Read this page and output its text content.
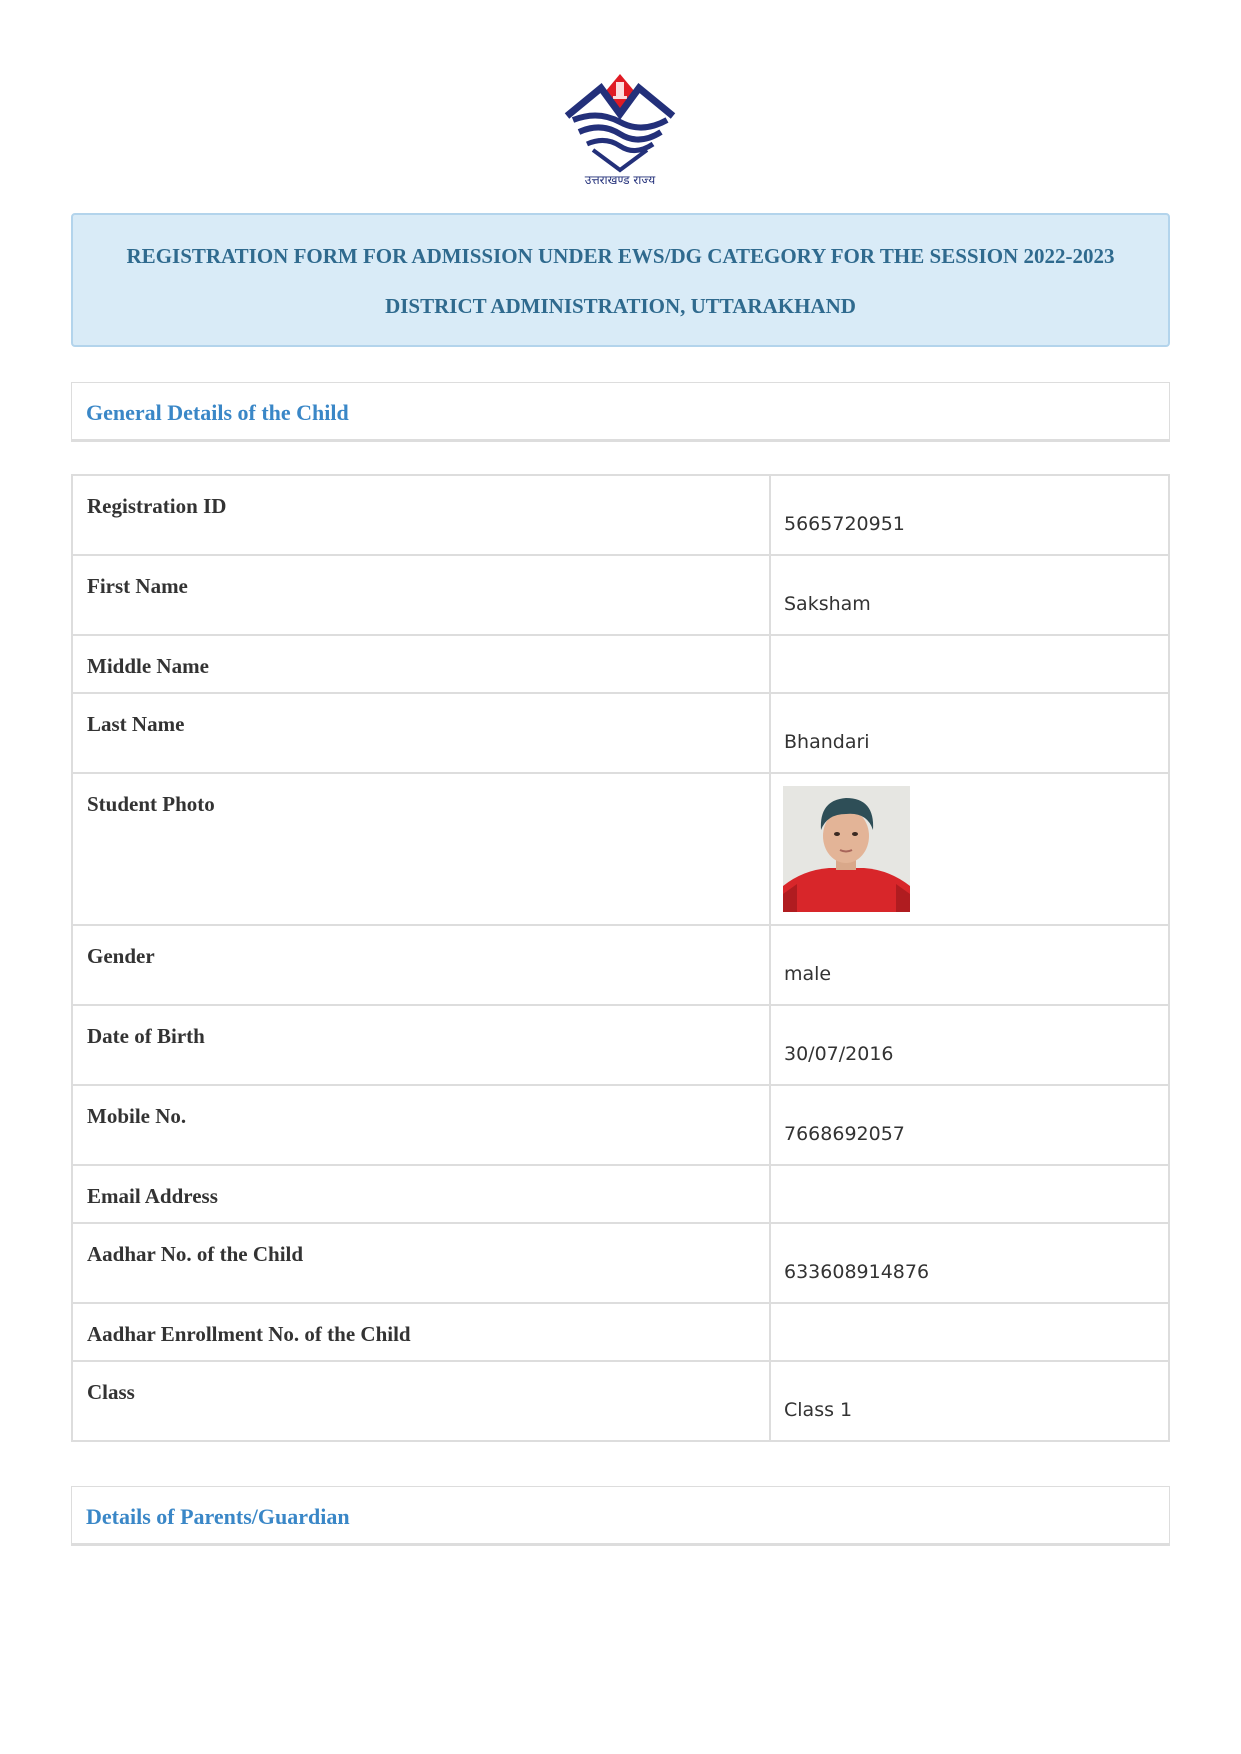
उत्तराखण्ड राज्य
REGISTRATION FORM FOR ADMISSION UNDER EWS/DG CATEGORY FOR THE SESSION 2022-2023
DISTRICT ADMINISTRATION, UTTARAKHAND
General Details of the Child
Registration ID	5665720951

First Name	Saksham

Middle Name	

Last Name	Bhandari

Student Photo

Gender	male

Date of Birth	30/07/2016

Mobile No.	7668692057

Email Address	

Aadhar No. of the Child	633608914876

Aadhar Enrollment No. of the Child	

Class	Class 1
Details of Parents/Guardian
